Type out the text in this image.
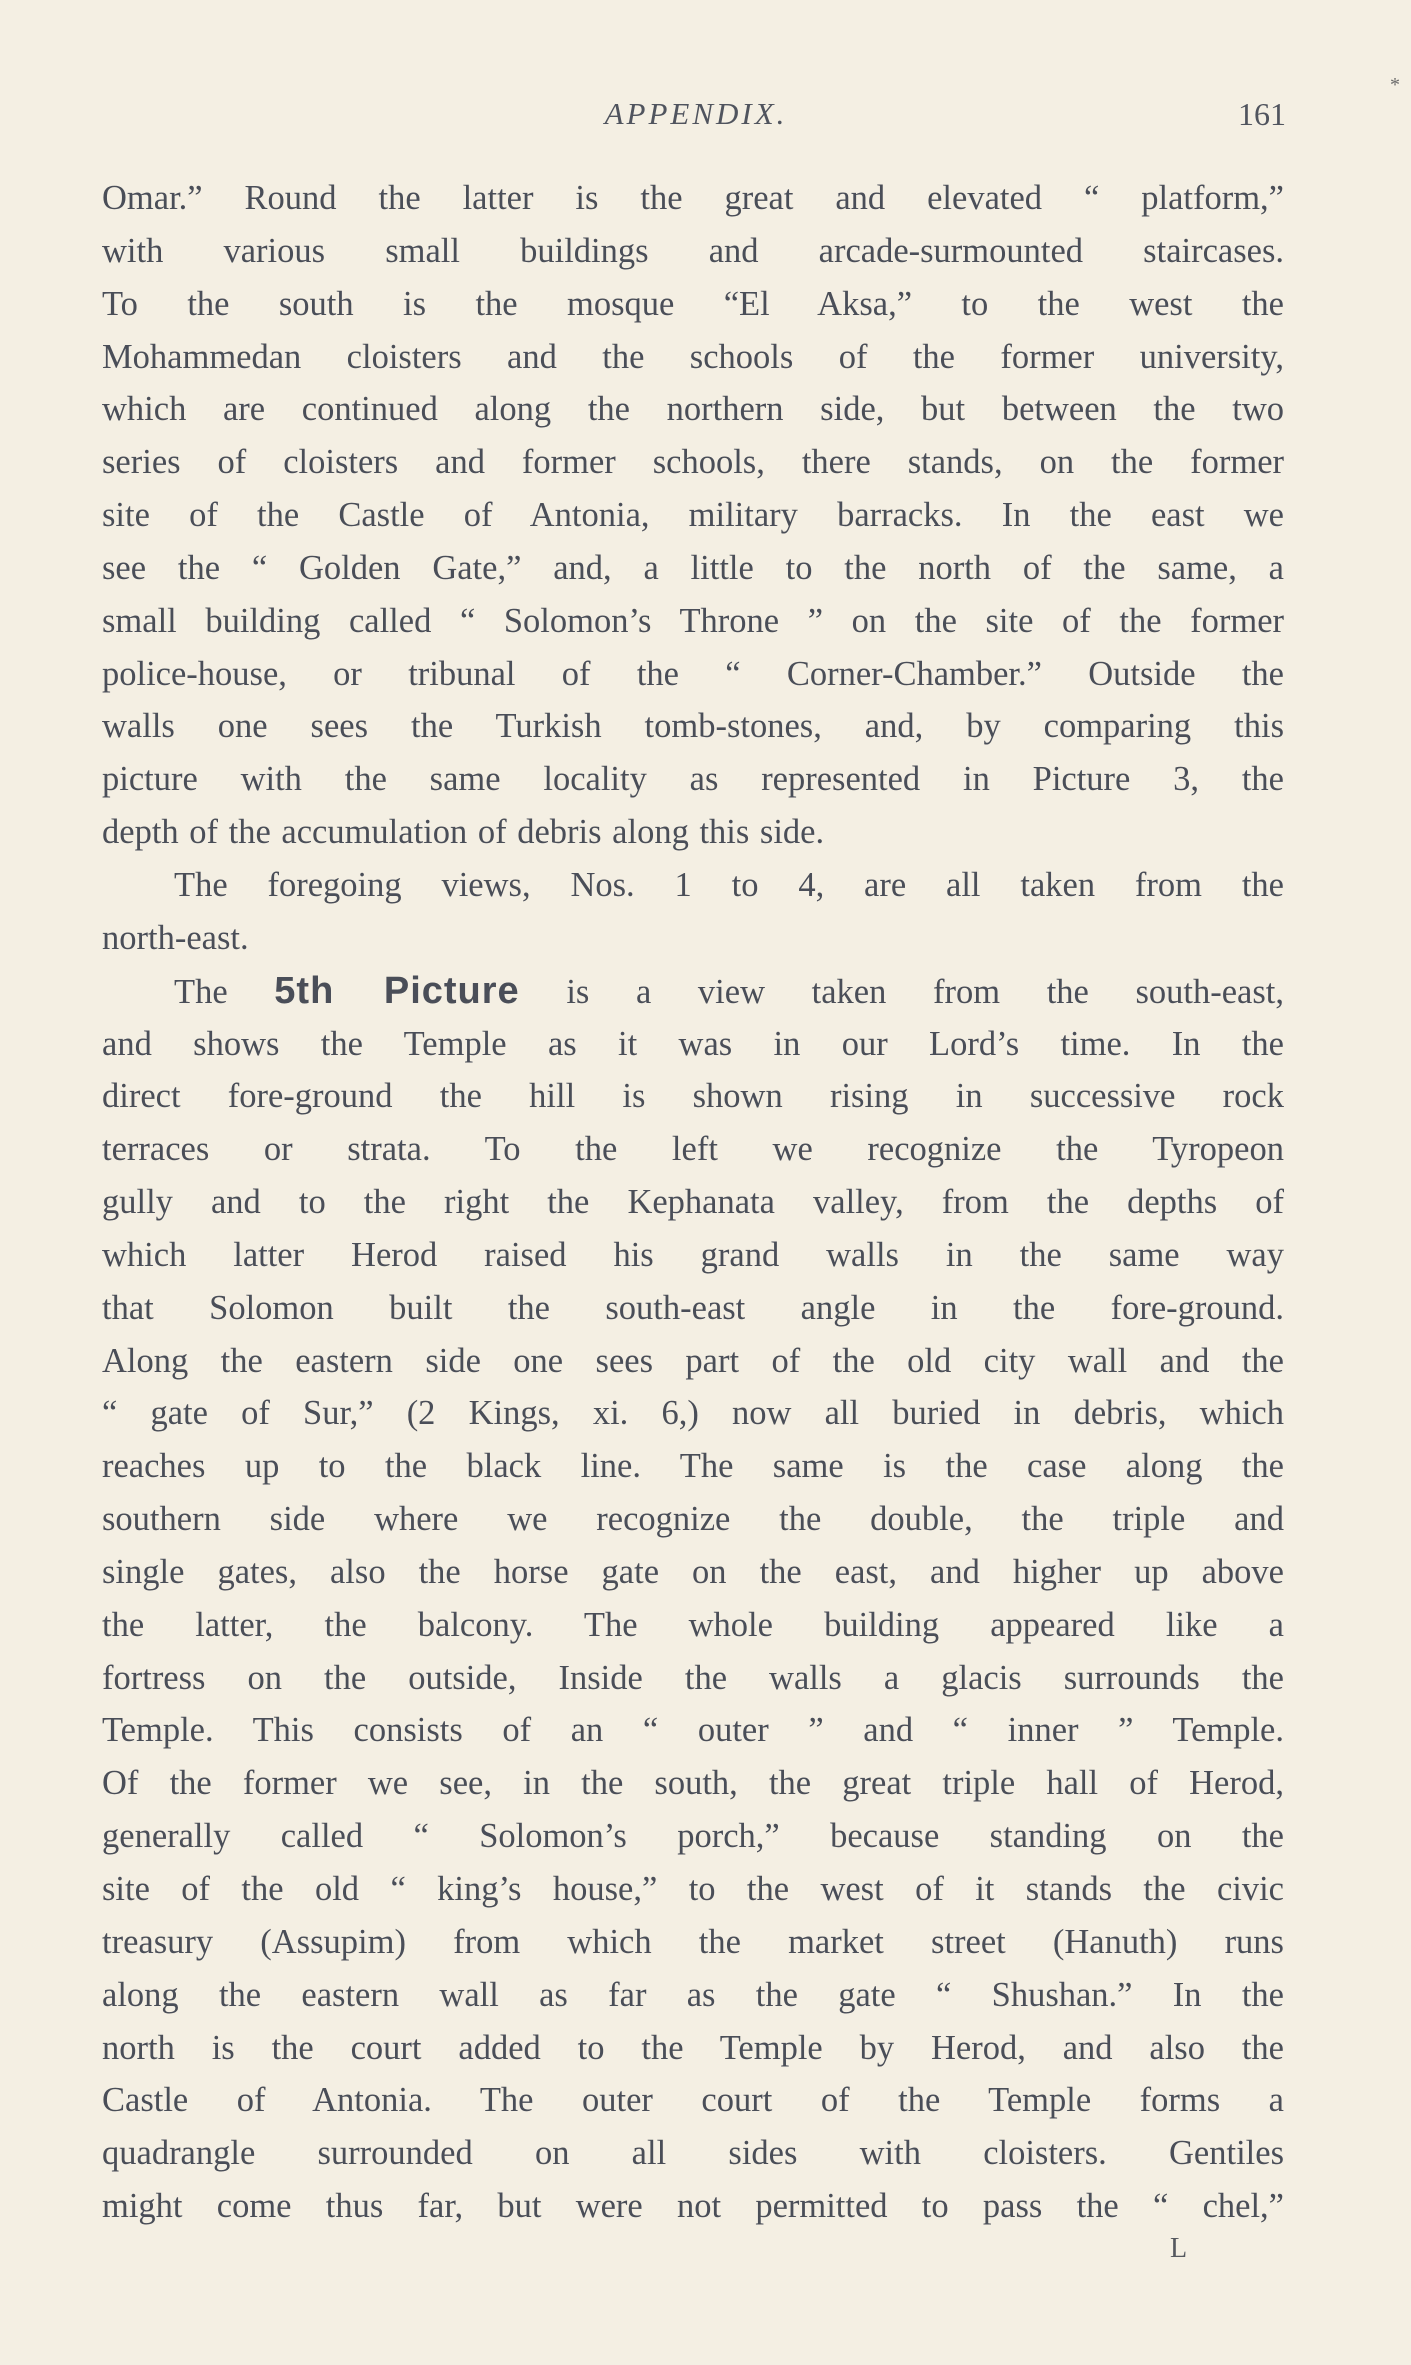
*
APPENDIX.	161
Omar.” Round the latter is the great and elevated “ platform,”
with various small buildings and arcade-surmounted staircases.
To the south is the mosque “El Aksa,” to the west the
Mohammedan cloisters and the schools of the former university,
which are continued along the northern side, but between the two
series of cloisters and former schools, there stands, on the former
site of the Castle of Antonia, military barracks. In the east we
see the “ Golden Gate,” and, a little to the north of the same, a
small building called “ Solomon’s Throne ” on the site of the former
police-house, or tribunal of the “ Corner-Chamber.” Outside the
walls one sees the Turkish tomb-stones, and, by comparing this
picture with the same locality as represented in Picture 3, the
depth of the accumulation of debris along this side.
The foregoing views, Nos. 1 to 4, are all taken from the
north-east.
The 5th Picture is a view taken from the south-east,
and shows the Temple as it was in our Lord’s time. In the
direct fore-ground the hill is shown rising in successive rock
terraces or strata. To the left we recognize the Tyropeon
gully and to the right the Kephanata valley, from the depths of
which latter Herod raised his grand walls in the same way
that Solomon built the south-east angle in the fore-ground.
Along the eastern side one sees part of the old city wall and the
“ gate of Sur,” (2 Kings, xi. 6,) now all buried in debris, which
reaches up to the black line. The same is the case along the
southern side where we recognize the double, the triple and
single gates, also the horse gate on the east, and higher up above
the latter, the balcony. The whole building appeared like a
fortress on the outside, Inside the walls a glacis surrounds the
Temple. This consists of an “ outer ” and “ inner ” Temple.
Of the former we see, in the south, the great triple hall of Herod,
generally called “ Solomon’s porch,” because standing on the
site of the old “ king’s house,” to the west of it stands the civic
treasury (Assupim) from which the market street (Hanuth) runs
along the eastern wall as far as the gate “ Shushan.” In the
north is the court added to the Temple by Herod, and also the
Castle of Antonia. The outer court of the Temple forms a
quadrangle surrounded on all sides with cloisters. Gentiles
might come thus far, but were not permitted to pass the “ chel,”
L
